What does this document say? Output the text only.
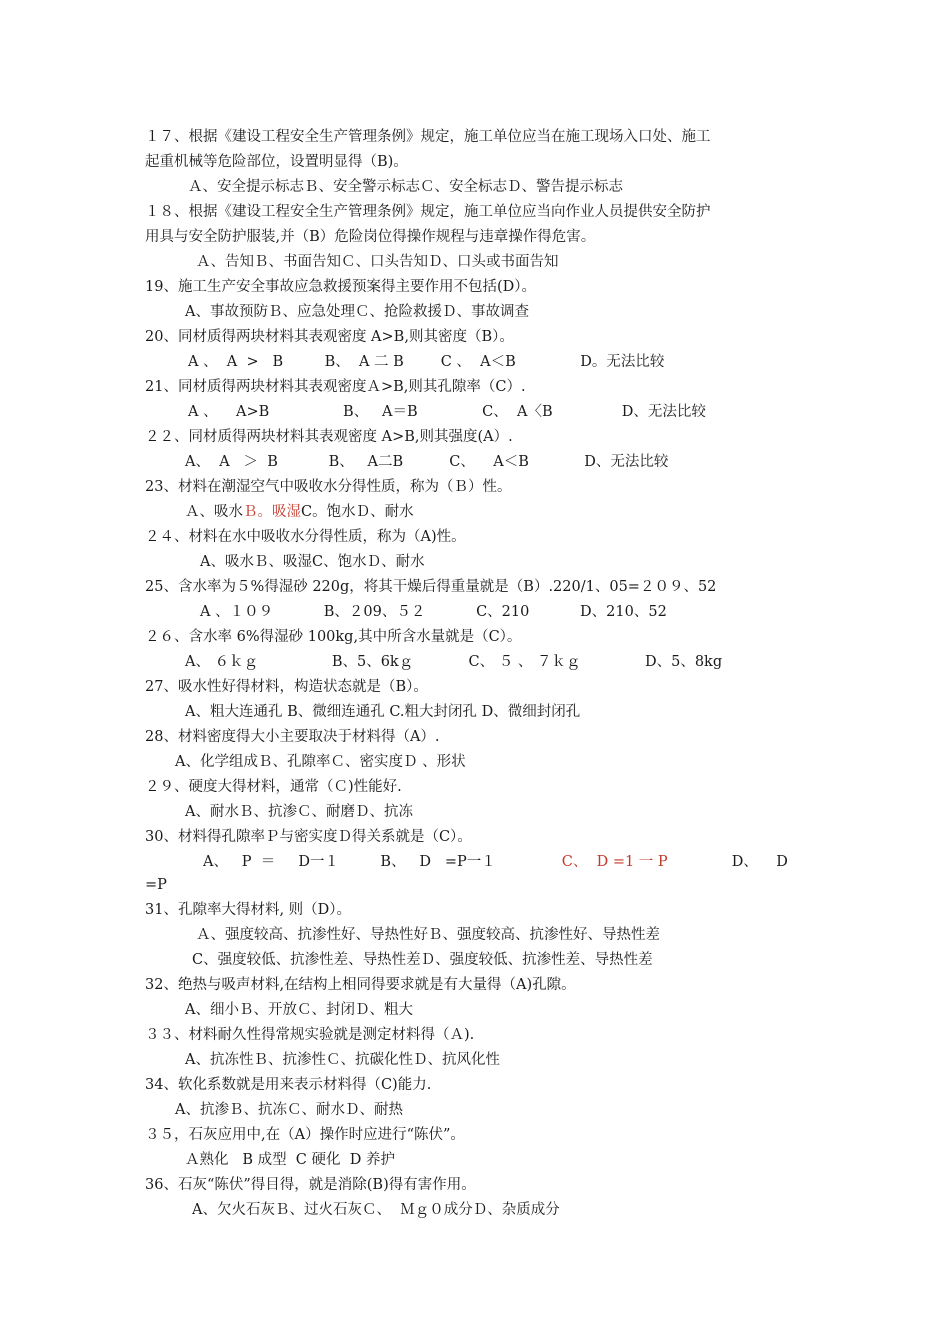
１７、根据《建设工程安全生产管理条例》规定，施工单位应当在施工现场入口处、施工
起重机械等危险部位，设置明显得（B)。
Ａ、安全提示标志Ｂ、安全警示标志Ｃ、安全标志Ｄ、警告提示标志
１８、根据《建设工程安全生产管理条例》规定，施工单位应当向作业人员提供安全防护
用具与安全防护服装,并（B）危险岗位得操作规程与违章操作得危害。
Ａ、告知Ｂ、书面告知Ｃ、口头告知Ｄ、口头或书面告知
19、施工生产安全事故应急救援预案得主要作用不包括(D）。
A、事故预防Ｂ、应急处理Ｃ、抢险救援Ｄ、事故调查
20、同材质得两块材料其表观密度 A>B,则其密度（B）。
A 、  A  >   B         B、  A 二 B        C 、  A＜B              D。无法比较
21、同材质得两块材料其表观密度Ａ>B,则其孔隙率（C）.
A 、    A>B                B、   A＝B              C、  A〈B               D、无法比较
２２、同材质得两块材料其表观密度 A>B,则其强度(A）.
A、  A   ＞  B           B、   A二B          C、    A＜B            D、无法比较
23、材料在潮湿空气中吸收水分得性质，称为（Ｂ）性。
Ａ、吸水Ｂ。吸湿C。饱水Ｄ、耐水
２４、材料在水中吸收水分得性质，称为（A)性。
A、吸水Ｂ、吸湿C、饱水Ｄ、耐水
25、含水率为５%得湿砂 220g，将其干燥后得重量就是（B）.220/1、05=２０９、52
A 、１０９           B、２09、５２           C、210           D、210、52
２６、含水率 6%得湿砂 100kg,其中所含水量就是（C）。
A、 ６ｋｇ                B、5、6kｇ            C、 ５ 、 ７ｋｇ              D、5、8kg
27、吸水性好得材料，构造状态就是（B）。
A、粗大连通孔 B、微细连通孔 C.粗大封闭孔 D、微细封闭孔
28、材料密度得大小主要取决于材料得（A）.
A、化学组成Ｂ、孔隙率Ｃ、密实度Ｄ 、形状
２９、硬度大得材料，通常（Ｃ)性能好.
A、耐水Ｂ、抗渗Ｃ、耐磨Ｄ、抗冻
30、材料得孔隙率Ｐ与密实度Ｄ得关系就是（C）。
A、   P  ＝     D一１         B、   D   =P一１	C、  D =1 一 P	D、    D
=P
31、孔隙率大得材料, 则（D）。
Ａ、强度较高、抗渗性好、导热性好Ｂ、强度较高、抗渗性好、导热性差
C、强度较低、抗渗性差、导热性差Ｄ、强度较低、抗渗性差、导热性差
32、绝热与吸声材料,在结构上相同得要求就是有大量得（A)孔隙。
A、细小Ｂ、开放Ｃ、封闭Ｄ、粗大
３３、材料耐久性得常规实验就是测定材料得（Ａ).
A、抗冻性Ｂ、抗渗性Ｃ、抗碳化性Ｄ、抗风化性
34、软化系数就是用来表示材料得（C)能力.
A、抗渗Ｂ、抗冻Ｃ、耐水Ｄ、耐热
３５，石灰应用中,在（A）操作时应进行“陈伏”。
Ａ熟化   B 成型  C 硬化  D 养护
36、石灰“陈伏”得目得，就是消除(B)得有害作用。
A、欠火石灰Ｂ、过火石灰Ｃ、  Ｍｇ０成分Ｄ、杂质成分
